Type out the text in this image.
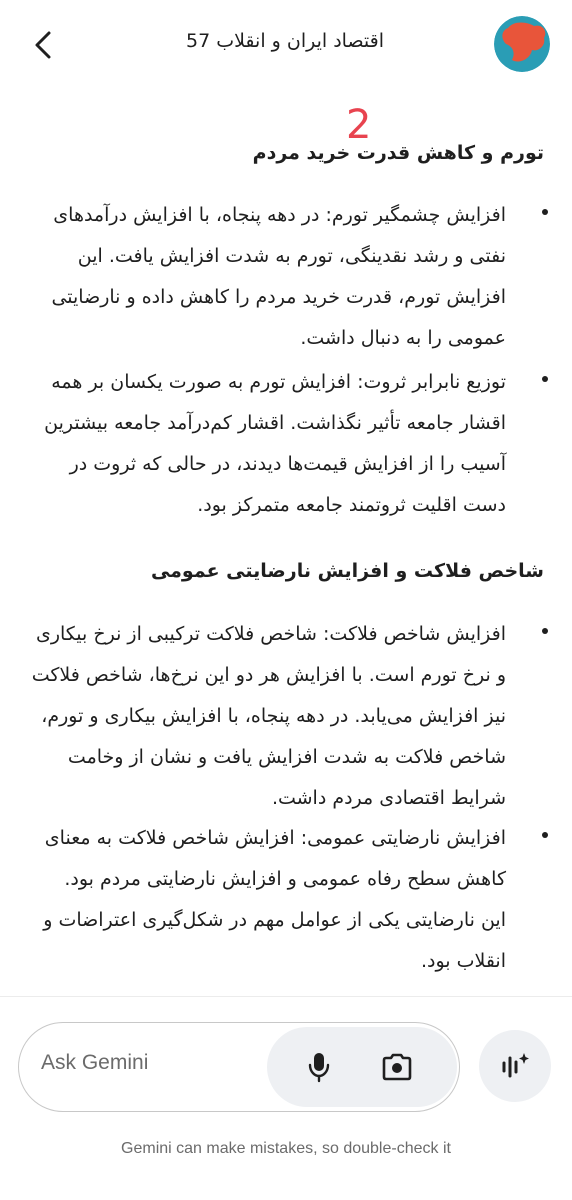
اقتصاد ایران و انقلاب 57
2
تورم و کاهش قدرت خرید مردم
افزایش چشمگیر تورم: در دهه پنجاه، با افزایش درآمدهای
نفتی و رشد نقدینگی، تورم به شدت افزایش یافت. این
افزایش تورم، قدرت خرید مردم را کاهش داده و نارضایتی
عمومی را به دنبال داشت.
توزیع نابرابر ثروت: افزایش تورم به صورت یکسان بر همه
اقشار جامعه تأثیر نگذاشت. اقشار کم‌درآمد جامعه بیشترین
آسیب را از افزایش قیمت‌ها دیدند، در حالی که ثروت در
دست اقلیت ثروتمند جامعه متمرکز بود.
شاخص فلاکت و افزایش نارضایتی عمومی
افزایش شاخص فلاکت: شاخص فلاکت ترکیبی از نرخ بیکاری
و نرخ تورم است. با افزایش هر دو این نرخ‌ها، شاخص فلاکت
نیز افزایش می‌یابد. در دهه پنجاه، با افزایش بیکاری و تورم،
شاخص فلاکت به شدت افزایش یافت و نشان از وخامت
شرایط اقتصادی مردم داشت.
افزایش نارضایتی عمومی: افزایش شاخص فلاکت به معنای
کاهش سطح رفاه عمومی و افزایش نارضایتی مردم بود.
این نارضایتی یکی از عوامل مهم در شکل‌گیری اعتراضات و
انقلاب بود.
Ask Gemini
Gemini can make mistakes, so double-check it
